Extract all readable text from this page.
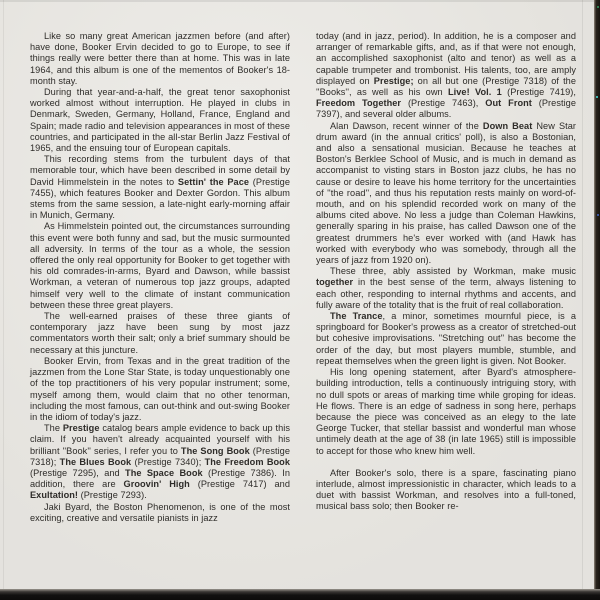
Like so many great American jazzmen before (and after) have done, Booker Ervin decided to go to Europe, to see if things really were better there than at home. This was in late 1964, and this album is one of the mementos of Booker's 18-month stay.

During that year-and-a-half, the great tenor saxophonist worked almost without interruption. He played in clubs in Denmark, Sweden, Germany, Holland, France, England and Spain; made radio and television appearances in most of these countries, and participated in the all-star Berlin Jazz Festival of 1965, and the ensuing tour of European capitals.

This recording stems from the turbulent days of that memorable tour, which have been described in some detail by David Himmelstein in the notes to Settin' the Pace (Prestige 7455), which features Booker and Dexter Gordon. This album stems from the same session, a late-night early-morning affair in Munich, Germany.

As Himmelstein pointed out, the circumstances surrounding this event were both funny and sad, but the music surmounted all adversity. In terms of the tour as a whole, the session offered the only real opportunity for Booker to get together with his old comrades-in-arms, Byard and Dawson, while bassist Workman, a veteran of numerous top jazz groups, adapted himself very well to the climate of instant communication between these three great players.

The well-earned praises of these three giants of contemporary jazz have been sung by most jazz commentators worth their salt; only a brief summary should be necessary at this juncture.

Booker Ervin, from Texas and in the great tradition of the jazzmen from the Lone Star State, is today unquestionably one of the top practitioners of his very popular instrument; some, myself among them, would claim that no other tenorman, including the most famous, can out-think and out-swing Booker in the idiom of today's jazz.

The Prestige catalog bears ample evidence to back up this claim. If you haven't already acquainted yourself with his brilliant ''Book'' series, I refer you to The Song Book (Prestige 7318); The Blues Book (Prestige 7340); The Freedom Book (Prestige 7295), and The Space Book (Prestige 7386). In addition, there are Groovin' High (Prestige 7417) and Exultation! (Prestige 7293).

Jaki Byard, the Boston Phenomenon, is one of the most exciting, creative and versatile pianists in jazz

today (and in jazz, period). In addition, he is a composer and arranger of remarkable gifts, and, as if that were not enough, an accomplished saxophonist (alto and tenor) as well as a capable trumpeter and trombonist. His talents, too, are amply displayed on Prestige; on all but one (Prestige 7318) of the ''Books'', as well as his own Live! Vol. 1 (Prestige 7419), Freedom Together (Prestige 7463), Out Front (Prestige 7397), and several older albums.

Alan Dawson, recent winner of the Down Beat New Star drum award (in the annual critics' poll), is also a Bostonian, and also a sensational musician. Because he teaches at Boston's Berklee School of Music, and is much in demand as accompanist to visting stars in Boston jazz clubs, he has no cause or desire to leave his home territory for the uncertainties of ''the road'', and thus his reputation rests mainly on word-of-mouth, and on his splendid recorded work on many of the albums cited above. No less a judge than Coleman Hawkins, generally sparing in his praise, has called Dawson one of the greatest drummers he's ever worked with (and Hawk has worked with everybody who was somebody, through all the years of jazz from 1920 on).

These three, ably assisted by Workman, make music together in the best sense of the term, always listening to each other, responding to internal rhythms and accents, and fully aware of the totality that is the fruit of real collaboration.

The Trance, a minor, sometimes mournful piece, is a springboard for Booker's prowess as a creator of stretched-out but cohesive improvisations. ''Stretching out'' has become the order of the day, but most players mumble, stumble, and repeat themselves when the green light is given. Not Booker.

His long opening statement, after Byard's atmosphere-building introduction, tells a continuously intriguing story, with no dull spots or areas of marking time while groping for ideas. He flows. There is an edge of sadness in song here, perhaps because the piece was conceived as an elegy to the late George Tucker, that stellar bassist and wonderful man whose untimely death at the age of 38 (in late 1965) still is impossible to accept for those who knew him well.

After Booker's solo, there is a spare, fascinating piano interlude, almost impressionistic in character, which leads to a duet with bassist Workman, and resolves into a full-toned, musical bass solo; then Booker re-
